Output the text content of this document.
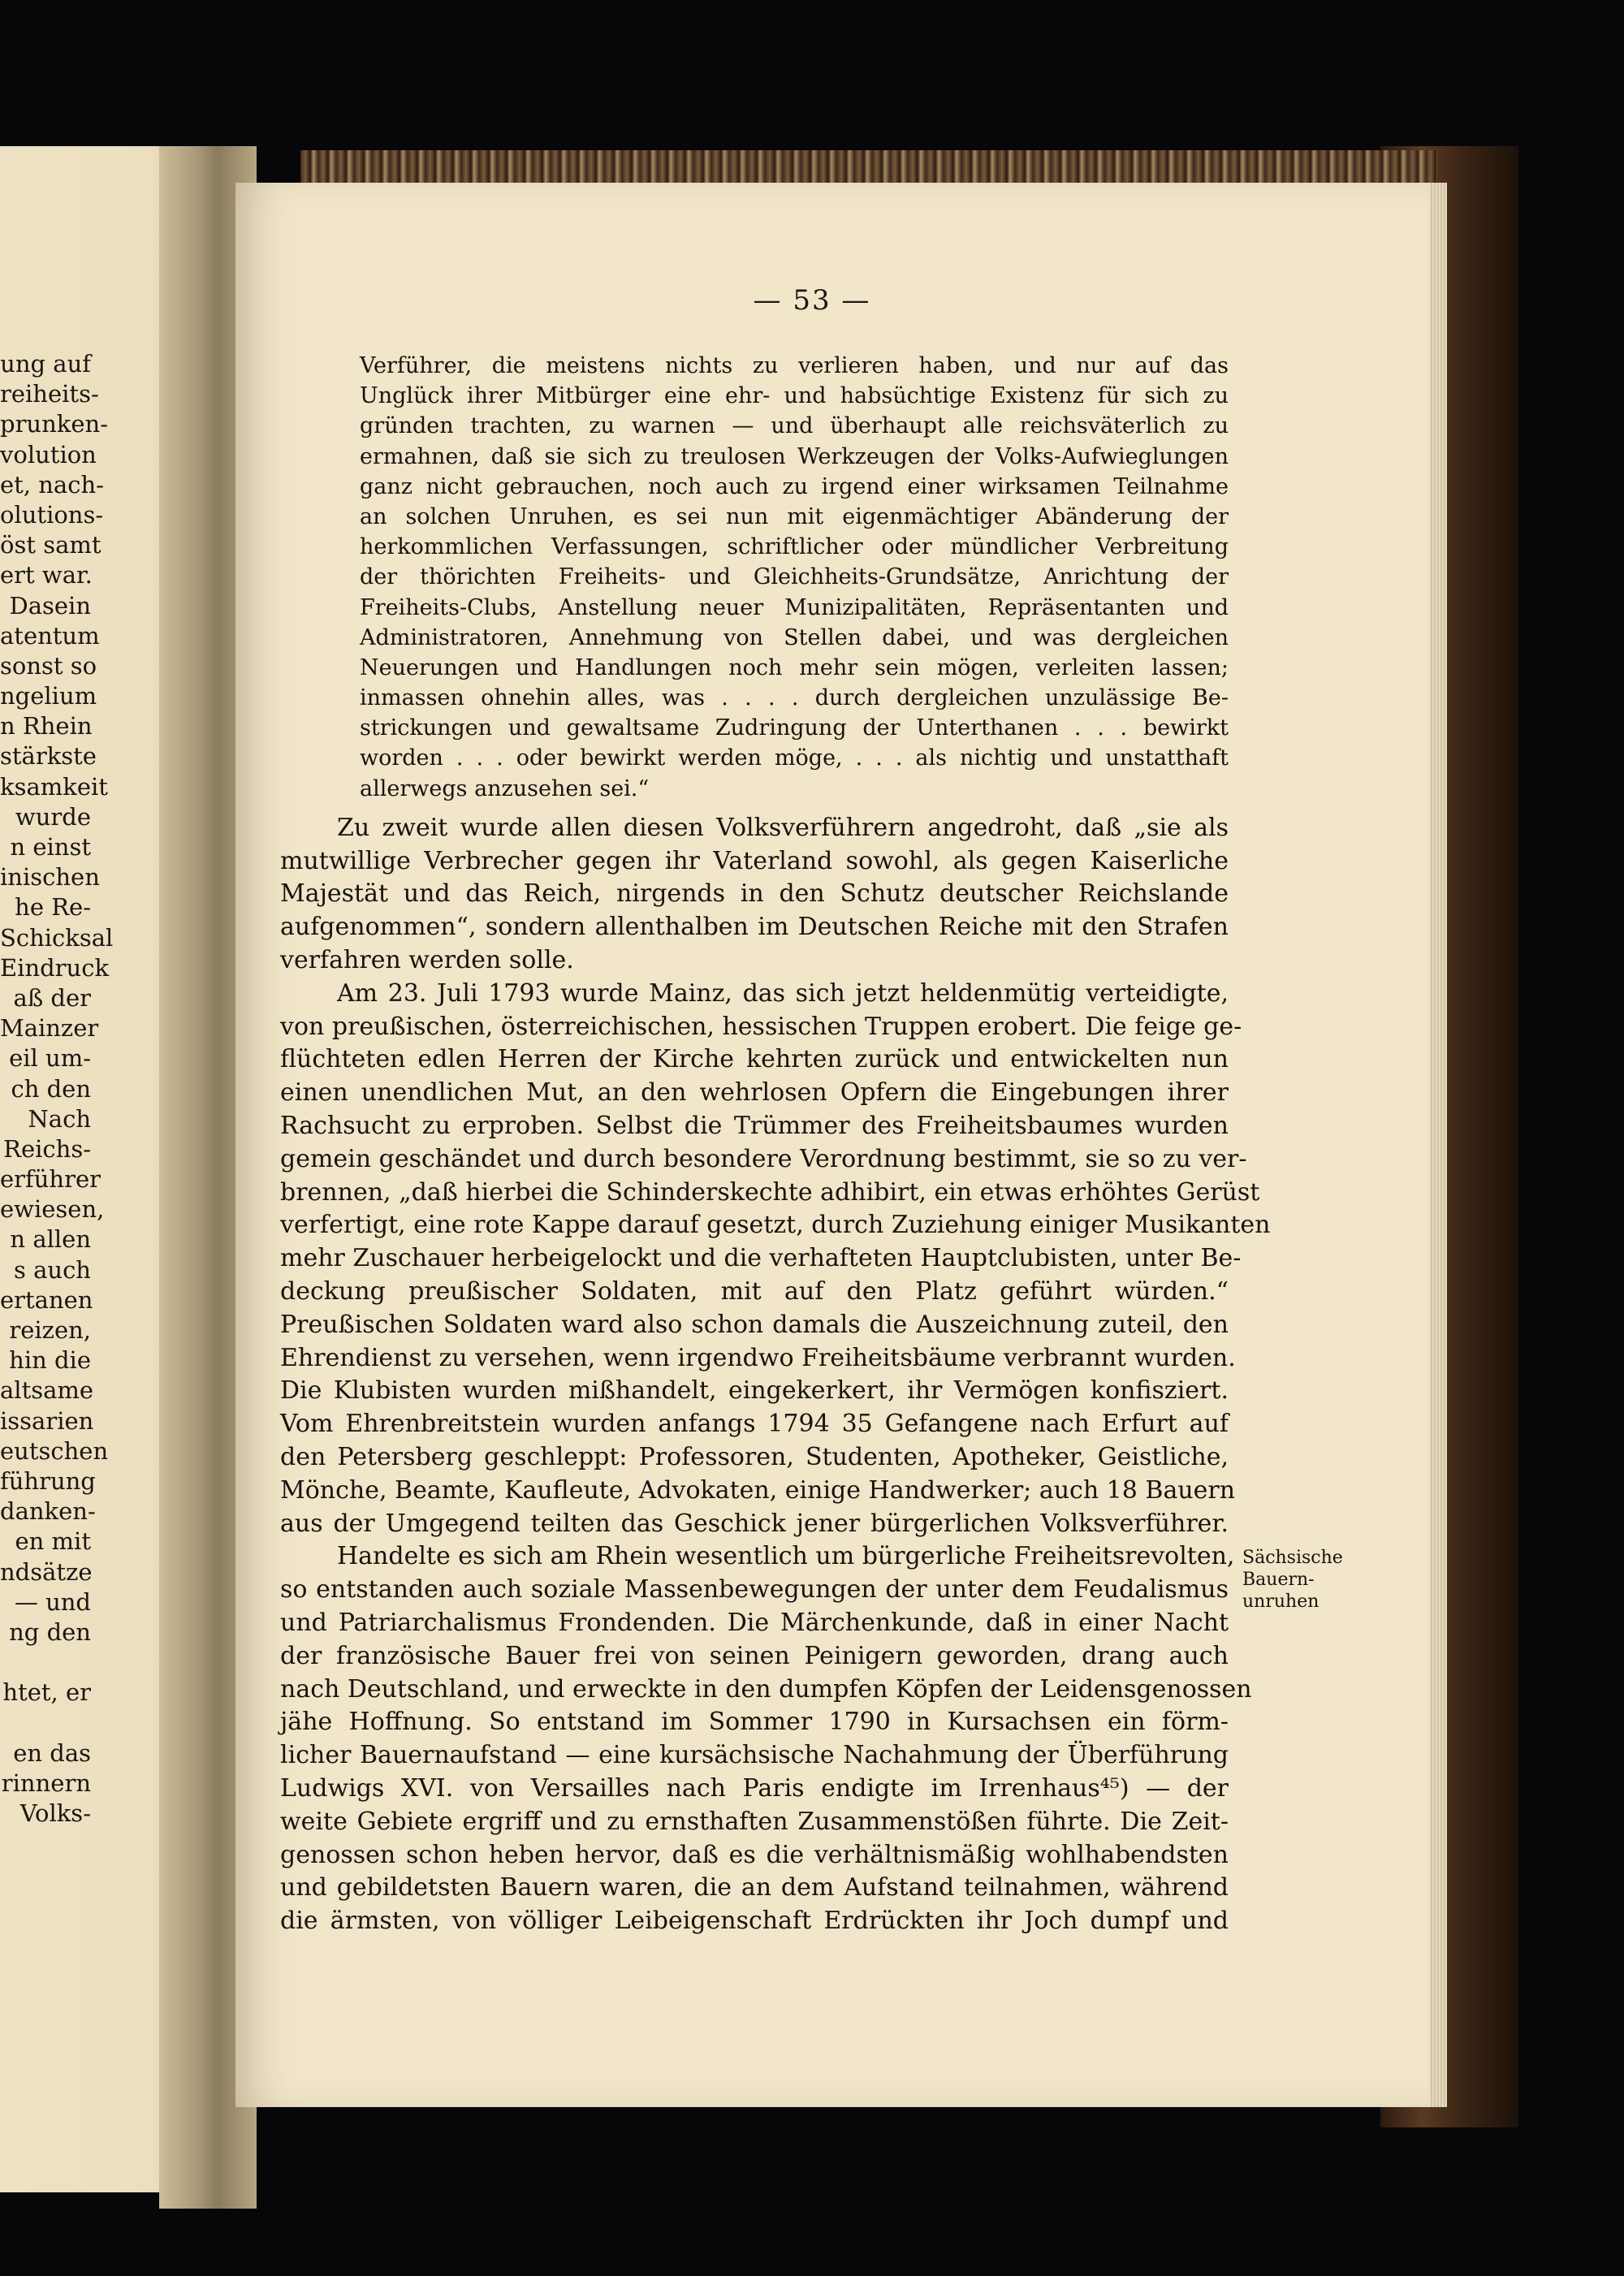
ung auf
reiheits-
prunken-
volution
et, nach-
olutions-
öst samt
ert war.
Dasein
atentum
sonst so
ngelium
n Rhein
stärkste
ksamkeit
wurde
n einst
inischen
he Re-
Schicksal
Eindruck
aß der
Mainzer
eil um-
ch den
Nach
Reichs-
erführer
ewiesen,
n allen
s auch
ertanen
reizen,
hin die
altsame
issarien
eutschen
führung
danken-
en mit
ndsätze
— und
ng den
htet, er
en das
rinnern
Volks-
— 53 —
Verführer, die meistens nichts zu verlieren haben, und nur auf das
Unglück ihrer Mitbürger eine ehr- und habsüchtige Existenz für sich zu
gründen trachten, zu warnen — und überhaupt alle reichsväterlich zu
ermahnen, daß sie sich zu treulosen Werkzeugen der Volks-Aufwieglungen
ganz nicht gebrauchen, noch auch zu irgend einer wirksamen Teilnahme
an solchen Unruhen, es sei nun mit eigenmächtiger Abänderung der
herkommlichen Verfassungen, schriftlicher oder mündlicher Verbreitung
der thörichten Freiheits- und Gleichheits-Grundsätze, Anrichtung der
Freiheits-Clubs, Anstellung neuer Munizipalitäten, Repräsentanten und
Administratoren, Annehmung von Stellen dabei, und was dergleichen
Neuerungen und Handlungen noch mehr sein mögen, verleiten lassen;
inmassen ohnehin alles, was . . . . durch dergleichen unzulässige Be-
strickungen und gewaltsame Zudringung der Unterthanen . . . bewirkt
worden . . . oder bewirkt werden möge, . . . als nichtig und unstatthaft
allerwegs anzusehen sei.“
Zu zweit wurde allen diesen Volksverführern angedroht, daß „sie als
mutwillige Verbrecher gegen ihr Vaterland sowohl, als gegen Kaiserliche
Majestät und das Reich, nirgends in den Schutz deutscher Reichslande
aufgenommen“, sondern allenthalben im Deutschen Reiche mit den Strafen
verfahren werden solle.
Am 23. Juli 1793 wurde Mainz, das sich jetzt heldenmütig verteidigte,
von preußischen, österreichischen, hessischen Truppen erobert. Die feige ge-
flüchteten edlen Herren der Kirche kehrten zurück und entwickelten nun
einen unendlichen Mut, an den wehrlosen Opfern die Eingebungen ihrer
Rachsucht zu erproben. Selbst die Trümmer des Freiheitsbaumes wurden
gemein geschändet und durch besondere Verordnung bestimmt, sie so zu ver-
brennen, „daß hierbei die Schinderskechte adhibirt, ein etwas erhöhtes Gerüst
verfertigt, eine rote Kappe darauf gesetzt, durch Zuziehung einiger Musikanten
mehr Zuschauer herbeigelockt und die verhafteten Hauptclubisten, unter Be-
deckung preußischer Soldaten, mit auf den Platz geführt würden.“
Preußischen Soldaten ward also schon damals die Auszeichnung zuteil, den
Ehrendienst zu versehen, wenn irgendwo Freiheitsbäume verbrannt wurden.
Die Klubisten wurden mißhandelt, eingekerkert, ihr Vermögen konfisziert.
Vom Ehrenbreitstein wurden anfangs 1794 35 Gefangene nach Erfurt auf
den Petersberg geschleppt: Professoren, Studenten, Apotheker, Geistliche,
Mönche, Beamte, Kaufleute, Advokaten, einige Handwerker; auch 18 Bauern
aus der Umgegend teilten das Geschick jener bürgerlichen Volksverführer.
Handelte es sich am Rhein wesentlich um bürgerliche Freiheitsrevolten,
so entstanden auch soziale Massenbewegungen der unter dem Feudalismus
und Patriarchalismus Frondenden. Die Märchenkunde, daß in einer Nacht
der französische Bauer frei von seinen Peinigern geworden, drang auch
nach Deutschland, und erweckte in den dumpfen Köpfen der Leidensgenossen
jähe Hoffnung. So entstand im Sommer 1790 in Kursachsen ein förm-
licher Bauernaufstand — eine kursächsische Nachahmung der Überführung
Ludwigs XVI. von Versailles nach Paris endigte im Irrenhaus⁴⁵) — der
weite Gebiete ergriff und zu ernsthaften Zusammenstößen führte. Die Zeit-
genossen schon heben hervor, daß es die verhältnismäßig wohlhabendsten
und gebildetsten Bauern waren, die an dem Aufstand teilnahmen, während
die ärmsten, von völliger Leibeigenschaft Erdrückten ihr Joch dumpf und
Sächsische
Bauern-
unruhen
